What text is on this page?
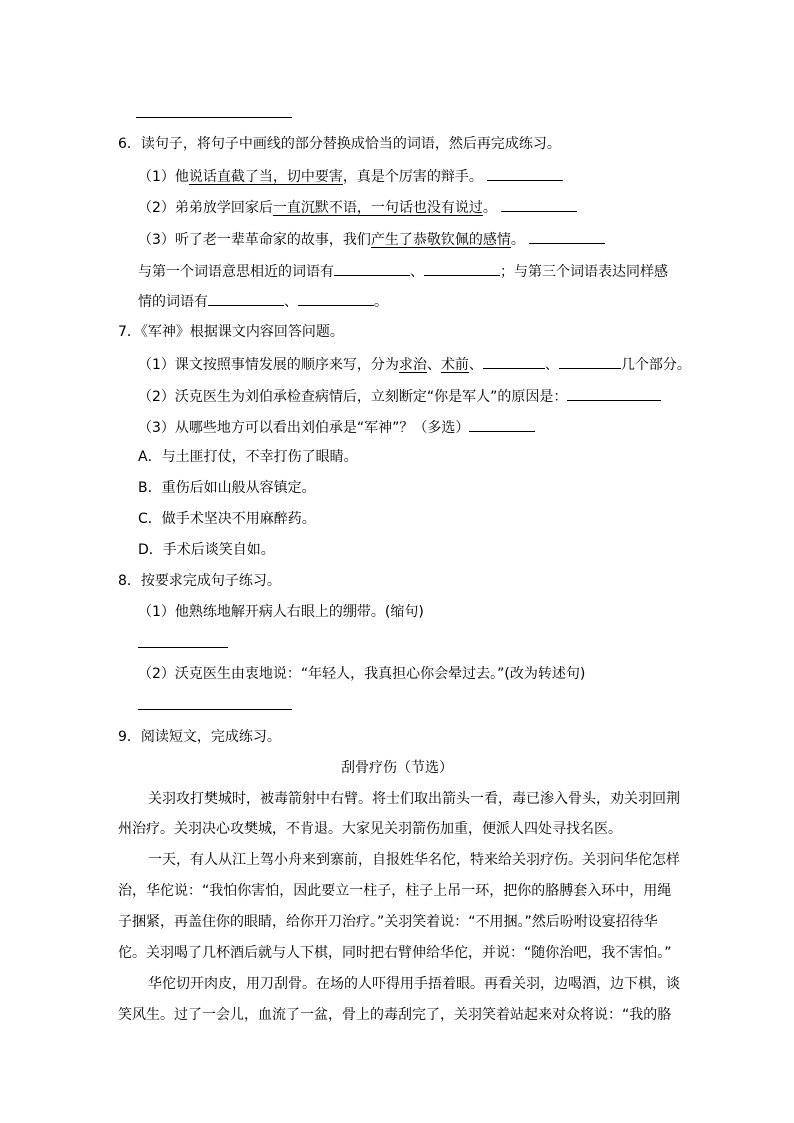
6．读句子，将句子中画线的部分替换成恰当的词语，然后再完成练习。
（1）他说话直截了当，切中要害，真是个厉害的辩手。
（2）弟弟放学回家后一直沉默不语，一句话也没有说过。
（3）听了老一辈革命家的故事，我们产生了恭敬钦佩的感情。
与第一个词语意思相近的词语有	、	；与第三个词语表达同样感
情的词语有	、	。
7．《军神》根据课文内容回答问题。
（1）课文按照事情发展的顺序来写，分为求治、术前、	、	几个部分。
（2）沃克医生为刘伯承检查病情后，立刻断定“你是军人”的原因是：
（3）从哪些地方可以看出刘伯承是“军神”？（多选）
A．与土匪打仗，不幸打伤了眼睛。
B．重伤后如山般从容镇定。
C．做手术坚决不用麻醉药。
D．手术后谈笑自如。
8．按要求完成句子练习。
（1）他熟练地解开病人右眼上的绷带。(缩句)
（2）沃克医生由衷地说：“年轻人，我真担心你会晕过去。”(改为转述句)
9．阅读短文，完成练习。
刮骨疗伤（节选）
关羽攻打樊城时，被毒箭射中右臂。将士们取出箭头一看，毒已渗入骨头，劝关羽回荆
州治疗。关羽决心攻樊城，不肯退。大家见关羽箭伤加重，便派人四处寻找名医。
一天，有人从江上驾小舟来到寨前，自报姓华名佗，特来给关羽疗伤。关羽问华佗怎样
治，华佗说：“我怕你害怕，因此要立一柱子，柱子上吊一环，把你的胳膊套入环中，用绳
子捆紧，再盖住你的眼睛，给你开刀治疗。”关羽笑着说：“不用捆。”然后吩咐设宴招待华
佗。关羽喝了几杯酒后就与人下棋，同时把右臂伸给华佗，并说：“随你治吧，我不害怕。”
华佗切开肉皮，用刀刮骨。在场的人吓得用手捂着眼。再看关羽，边喝酒，边下棋，谈
笑风生。过了一会儿，血流了一盆，骨上的毒刮完了，关羽笑着站起来对众将说：“我的胳
